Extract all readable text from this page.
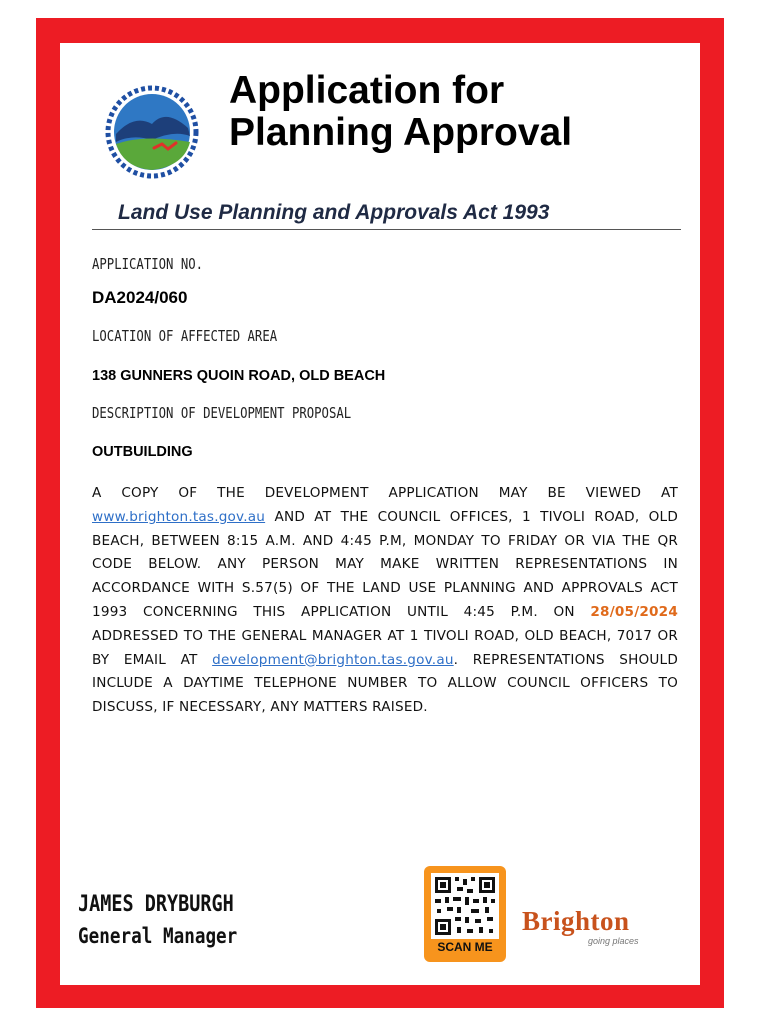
Application for
Planning Approval

Land Use Planning and Approvals Act 1993

APPLICATION NO.

DA2024/060

LOCATION OF AFFECTED AREA

138 GUNNERS QUOIN ROAD, OLD BEACH

DESCRIPTION OF DEVELOPMENT PROPOSAL

OUTBUILDING

A COPY OF THE DEVELOPMENT APPLICATION MAY BE VIEWED AT www.brighton.tas.gov.au AND AT THE COUNCIL OFFICES, 1 TIVOLI ROAD, OLD BEACH, BETWEEN 8:15 A.M. AND 4:45 P.M, MONDAY TO FRIDAY OR VIA THE QR CODE BELOW. ANY PERSON MAY MAKE WRITTEN REPRESENTATIONS IN ACCORDANCE WITH S.57(5) OF THE LAND USE PLANNING AND APPROVALS ACT 1993 CONCERNING THIS APPLICATION UNTIL 4:45 P.M. ON 28/05/2024 ADDRESSED TO THE GENERAL MANAGER AT 1 TIVOLI ROAD, OLD BEACH, 7017 OR BY EMAIL AT development@brighton.tas.gov.au. REPRESENTATIONS SHOULD INCLUDE A DAYTIME TELEPHONE NUMBER TO ALLOW COUNCIL OFFICERS TO DISCUSS, IF NECESSARY, ANY MATTERS RAISED.

JAMES DRYBURGH

General Manager	SCAN ME

Brighton

going places
